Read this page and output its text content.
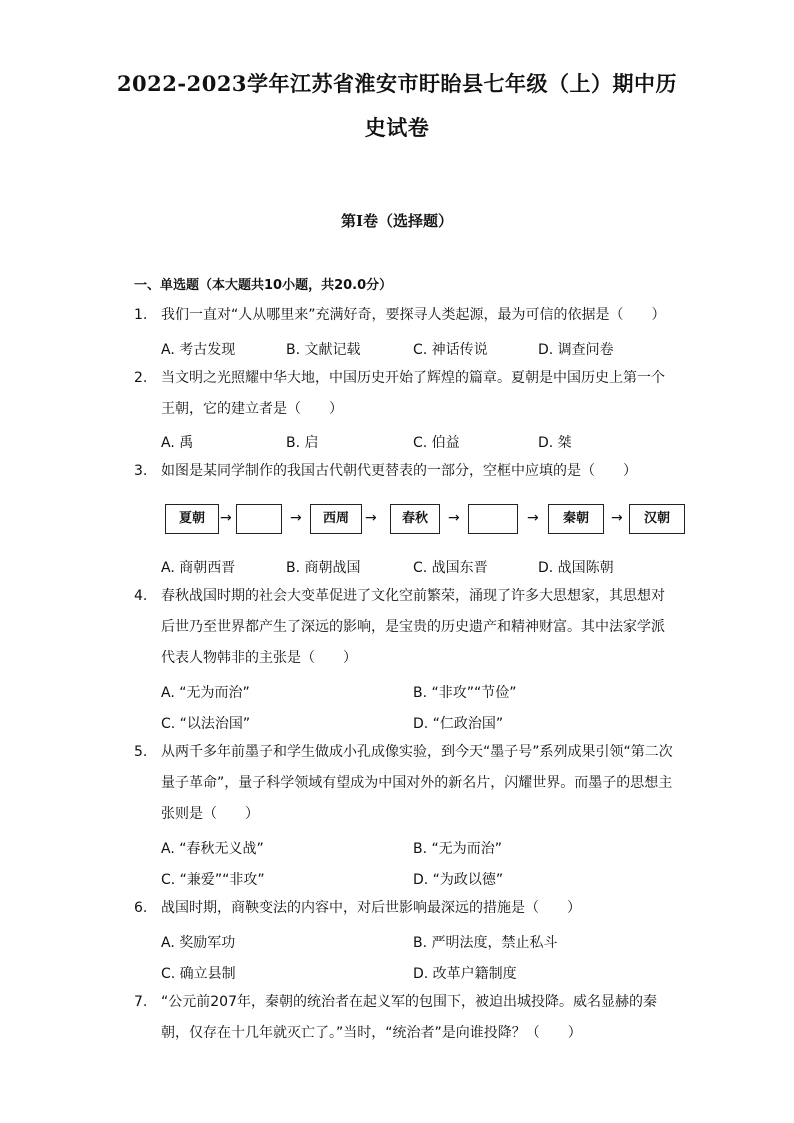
2022-2023学年江苏省淮安市盱眙县七年级（上）期中历
史试卷
第I卷（选择题）
一、单选题（本大题共10小题，共20.0分）
1. 我们一直对“人从哪里来”充满好奇，要探寻人类起源，最为可信的依据是（　　）
A. 考古发现	B. 文献记载	C. 神话传说	D. 调查问卷
2. 当文明之光照耀中华大地，中国历史开始了辉煌的篇章。夏朝是中国历史上第一个王朝，它的建立者是（　　）
A. 禹	B. 启	C. 伯益	D. 桀
3. 如图是某同学制作的我国古代朝代更替表的一部分，空框中应填的是（　　）
夏朝	→	→	西周	→	春秋	→	→	秦朝	→	汉朝
A. 商朝西晋	B. 商朝战国	C. 战国东晋	D. 战国陈朝
4. 春秋战国时期的社会大变革促进了文化空前繁荣，涌现了许多大思想家，其思想对后世乃至世界都产生了深远的影响，是宝贵的历史遗产和精神财富。其中法家学派代表人物韩非的主张是（　　）
A. “无为而治”	B. “非攻”“节俭”
C. “以法治国”	D. “仁政治国”
5. 从两千多年前墨子和学生做成小孔成像实验，到今天“墨子号”系列成果引领“第二次量子革命”，量子科学领域有望成为中国对外的新名片，闪耀世界。而墨子的思想主张则是（　　）
A. “春秋无义战”	B. “无为而治”
C. “兼爱”“非攻”	D. “为政以德”
6. 战国时期，商鞅变法的内容中，对后世影响最深远的措施是（　　）
A. 奖励军功	B. 严明法度，禁止私斗
C. 确立县制	D. 改革户籍制度
7. “公元前207年，秦朝的统治者在起义军的包围下，被迫出城投降。威名显赫的秦朝，仅存在十几年就灭亡了。”当时，“统治者”是向谁投降？（　　）
